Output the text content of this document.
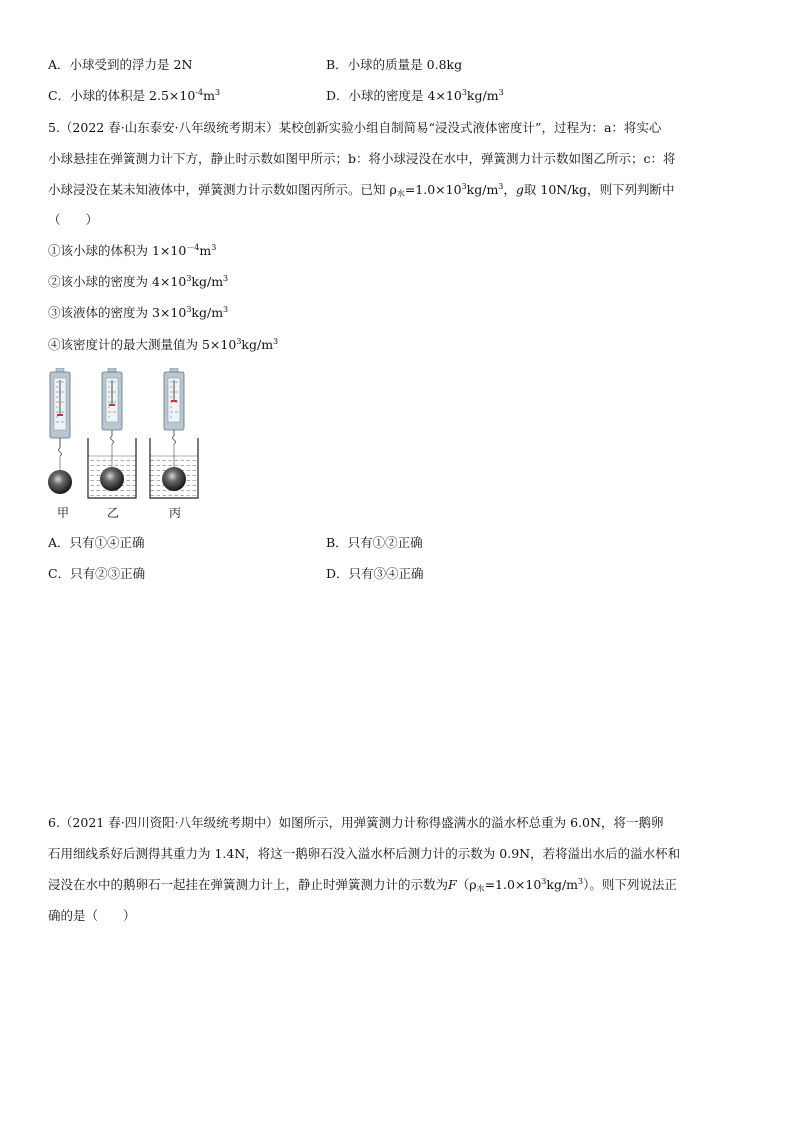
A．小球受到的浮力是 2N	B．小球的质量是 0.8kg
C．小球的体积是 $2.5\times 10^{-4}m^3$	D．小球的密度是 $4\times 10^3kg/m^3$
5.（2022 春·山东泰安·八年级统考期末）某校创新实验小组自制简易“浸没式液体密度计”，过程为：a：将实心
小球悬挂在弹簧测力计下方，静止时示数如图甲所示；b：将小球浸没在水中，弹簧测力计示数如图乙所示；c：将
小球浸没在某未知液体中，弹簧测力计示数如图丙所示。已知 $\rho_水=1.0\times 10^3kg/m^3$，g取 10N/kg，则下列判断中
（　　）
①该小球的体积为 $1\times 10^{-4}m^3$
②该小球的密度为 $4\times 10^3kg/m^3$
③该液体的密度为 $3\times 10^3kg/m^3$
④该密度计的最大测量值为 $5\times 10^3kg/m^3$
甲	乙	丙
A．只有①④正确	B．只有①②正确
C．只有②③正确	D．只有③④正确
6.（2021 春·四川资阳·八年级统考期中）如图所示，用弹簧测力计称得盛满水的溢水杯总重为 6.0N，将一鹅卵
石用细线系好后测得其重力为 1.4N，将这一鹅卵石没入溢水杯后测力计的示数为 0.9N，若将溢出水后的溢水杯和
浸没在水中的鹅卵石一起挂在弹簧测力计上，静止时弹簧测力计的示数为$F(\rho_水=1.0\times 10^3kg/m^3)$。则下列说法正
确的是（　　）
